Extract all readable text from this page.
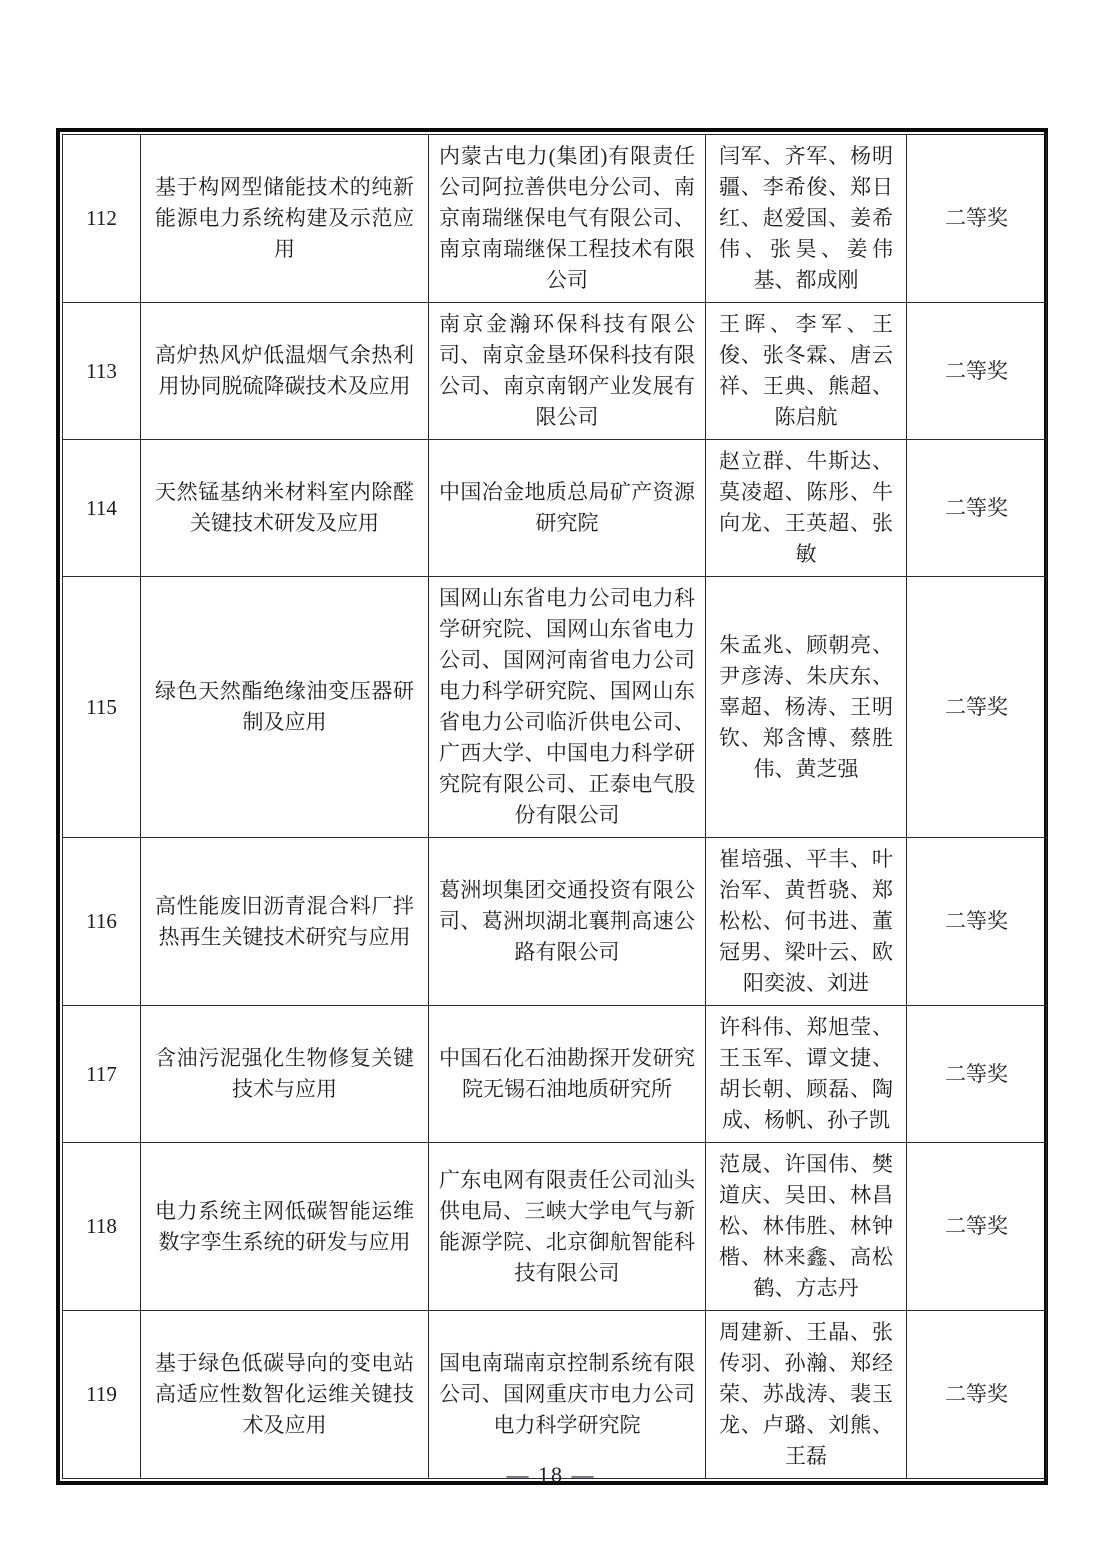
112	基于构网型储能技术的纯新能源电力系统构建及示范应用	内蒙古电力(集团)有限责任公司阿拉善供电分公司、南京南瑞继保电气有限公司、南京南瑞继保工程技术有限公司	闫军、齐军、杨明疆、李希俊、郑日红、赵爱国、姜希伟、张昊、姜伟基、都成刚	二等奖
113	高炉热风炉低温烟气余热利用协同脱硫降碳技术及应用	南京金瀚环保科技有限公司、南京金垦环保科技有限公司、南京南钢产业发展有限公司	王晖、李军、王俊、张冬霖、唐云祥、王典、熊超、陈启航	二等奖
114	天然锰基纳米材料室内除醛关键技术研发及应用	中国冶金地质总局矿产资源研究院	赵立群、牛斯达、莫凌超、陈彤、牛向龙、王英超、张敏	二等奖
115	绿色天然酯绝缘油变压器研制及应用	国网山东省电力公司电力科学研究院、国网山东省电力公司、国网河南省电力公司电力科学研究院、国网山东省电力公司临沂供电公司、广西大学、中国电力科学研究院有限公司、正泰电气股份有限公司	朱孟兆、顾朝亮、尹彦涛、朱庆东、辜超、杨涛、王明钦、郑含博、蔡胜伟、黄芝强	二等奖
116	高性能废旧沥青混合料厂拌热再生关键技术研究与应用	葛洲坝集团交通投资有限公司、葛洲坝湖北襄荆高速公路有限公司	崔培强、平丰、叶治军、黄哲骁、郑松松、何书进、董冠男、梁叶云、欧阳奕波、刘进	二等奖
117	含油污泥强化生物修复关键技术与应用	中国石化石油勘探开发研究院无锡石油地质研究所	许科伟、郑旭莹、王玉军、谭文捷、胡长朝、顾磊、陶成、杨帆、孙子凯	二等奖
118	电力系统主网低碳智能运维数字孪生系统的研发与应用	广东电网有限责任公司汕头供电局、三峡大学电气与新能源学院、北京御航智能科技有限公司	范晟、许国伟、樊道庆、吴田、林昌松、林伟胜、林钟楷、林来鑫、高松鹤、方志丹	二等奖
119	基于绿色低碳导向的变电站高适应性数智化运维关键技术及应用	国电南瑞南京控制系统有限公司、国网重庆市电力公司电力科学研究院	周建新、王晶、张传羽、孙瀚、郑经荣、苏战涛、裴玉龙、卢璐、刘熊、王磊	二等奖
— 18 —
